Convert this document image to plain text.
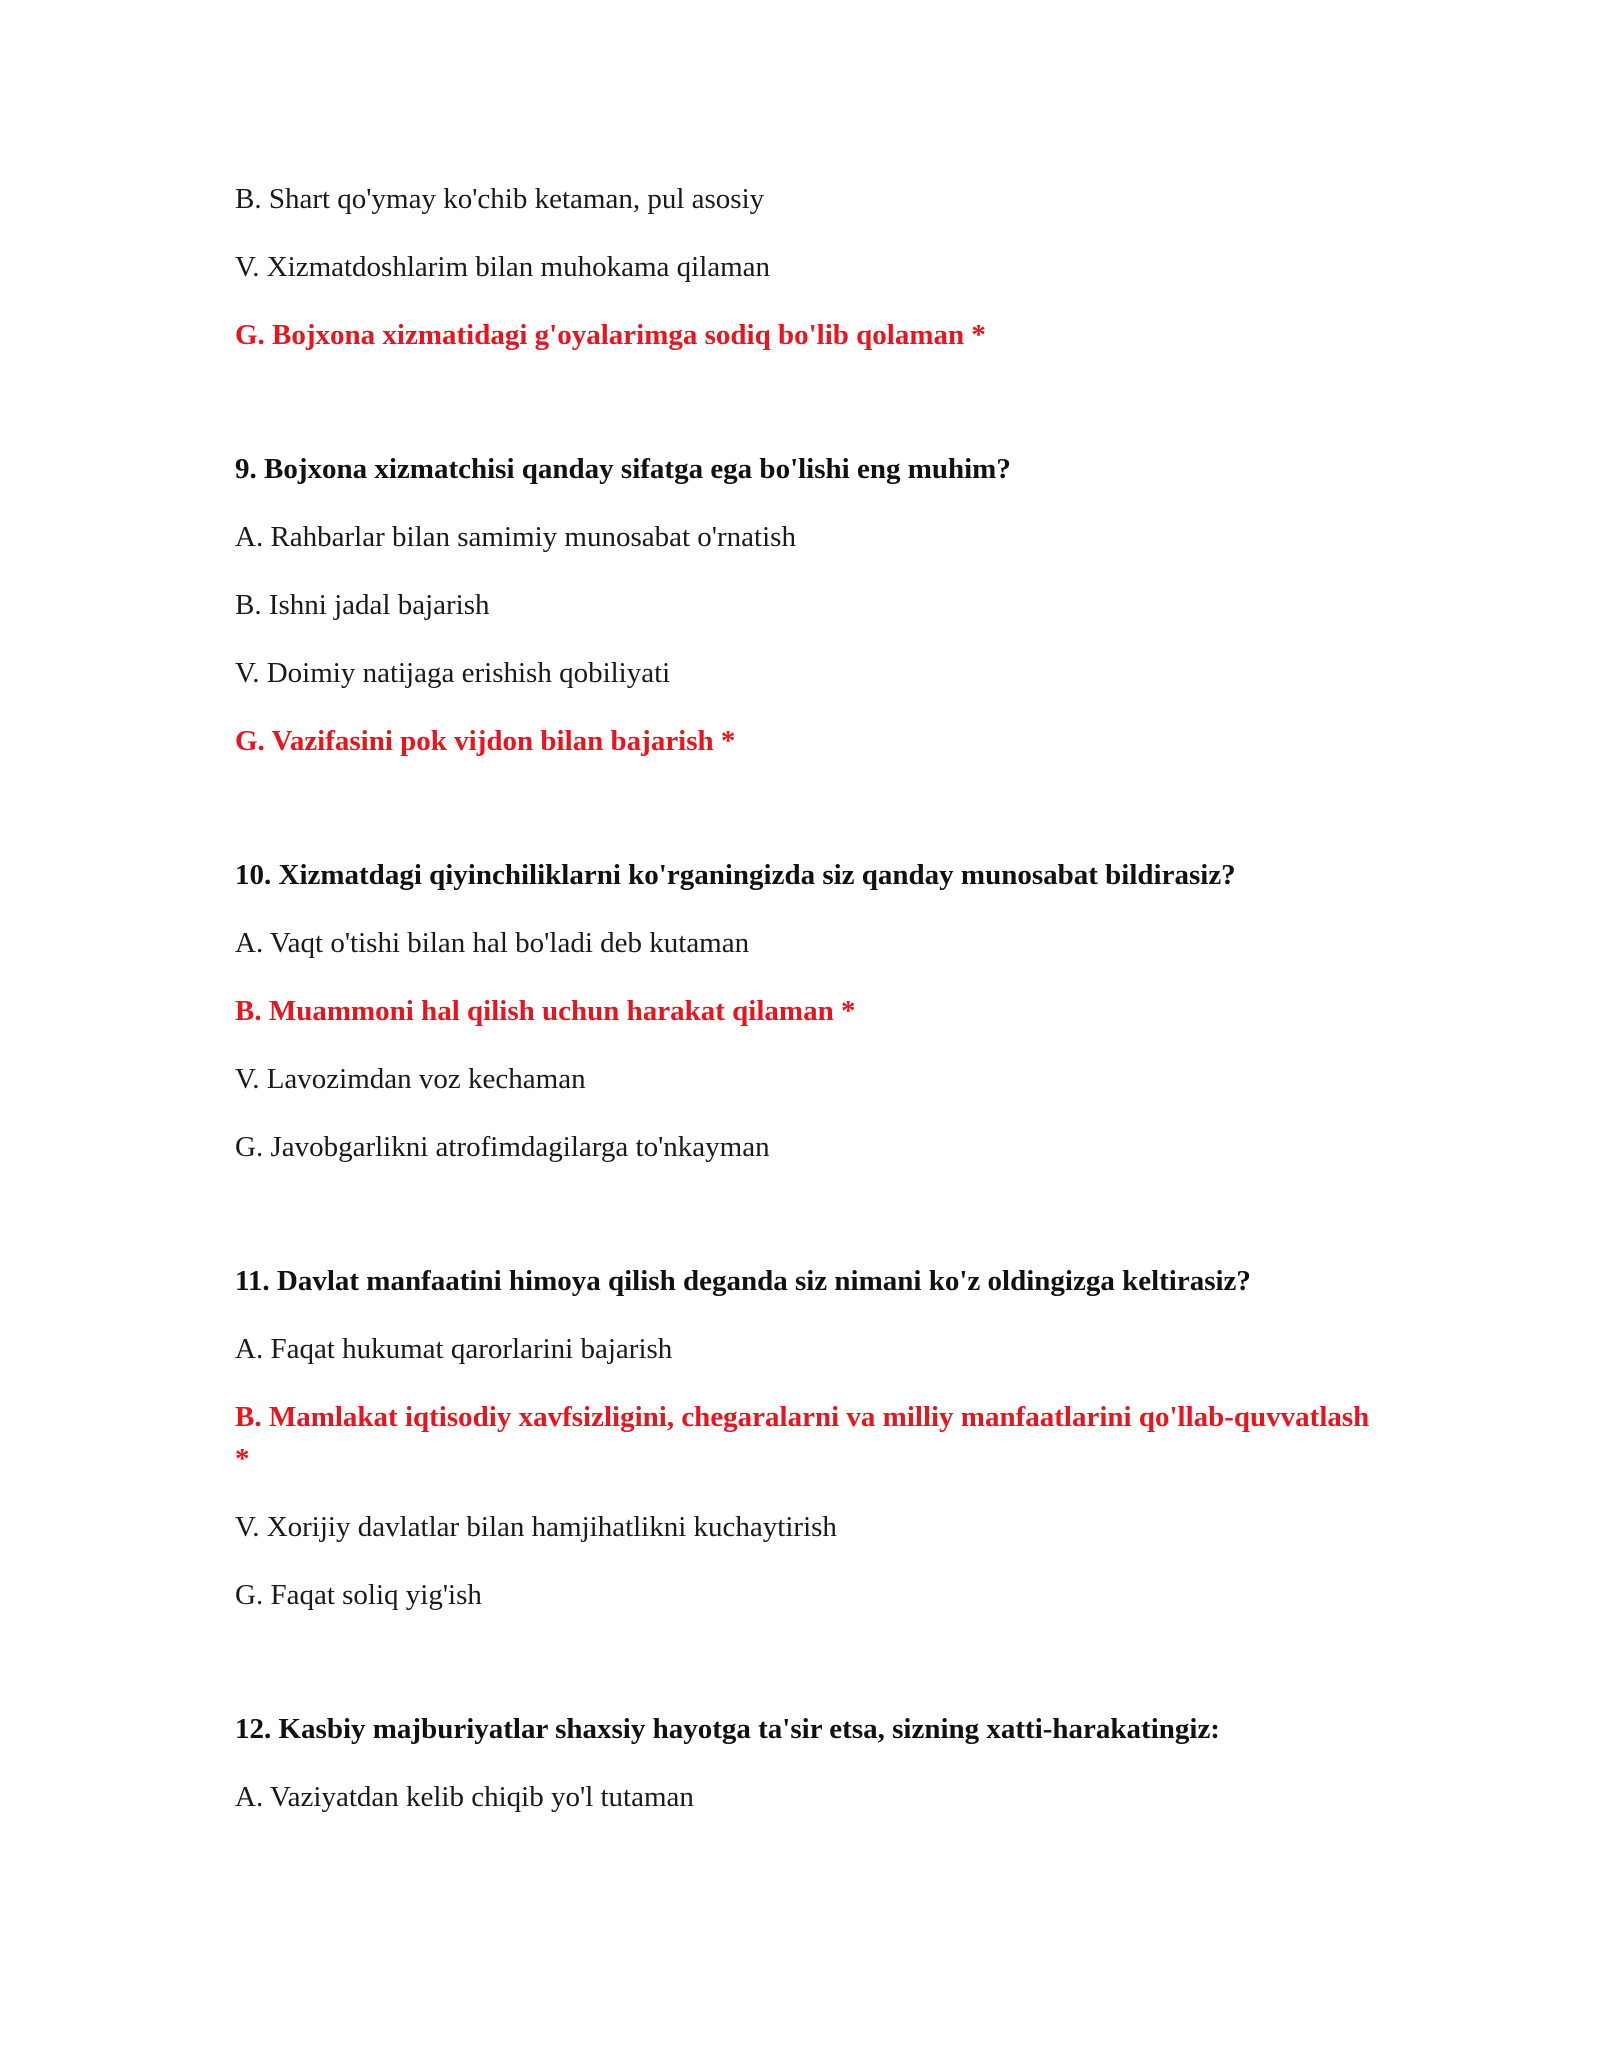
B. Shart qo'ymay ko'chib ketaman, pul asosiy

V. Xizmatdoshlarim bilan muhokama qilaman

G. Bojxona xizmatidagi g'oyalarimga sodiq bo'lib qolaman *

9. Bojxona xizmatchisi qanday sifatga ega bo'lishi eng muhim?

A. Rahbarlar bilan samimiy munosabat o'rnatish

B. Ishni jadal bajarish

V. Doimiy natijaga erishish qobiliyati

G. Vazifasini pok vijdon bilan bajarish *

10. Xizmatdagi qiyinchiliklarni ko'rganingizda siz qanday munosabat bildirasiz?

A. Vaqt o'tishi bilan hal bo'ladi deb kutaman

B. Muammoni hal qilish uchun harakat qilaman *

V. Lavozimdan voz kechaman

G. Javobgarlikni atrofimdagilarga to'nkayman

11. Davlat manfaatini himoya qilish deganda siz nimani ko'z oldingizga keltirasiz?

A. Faqat hukumat qarorlarini bajarish

B. Mamlakat iqtisodiy xavfsizligini, chegaralarni va milliy manfaatlarini qo'llab-quvvatlash *

V. Xorijiy davlatlar bilan hamjihatlikni kuchaytirish

G. Faqat soliq yig'ish

12. Kasbiy majburiyatlar shaxsiy hayotga ta'sir etsa, sizning xatti-harakatingiz:

A. Vaziyatdan kelib chiqib yo'l tutaman
